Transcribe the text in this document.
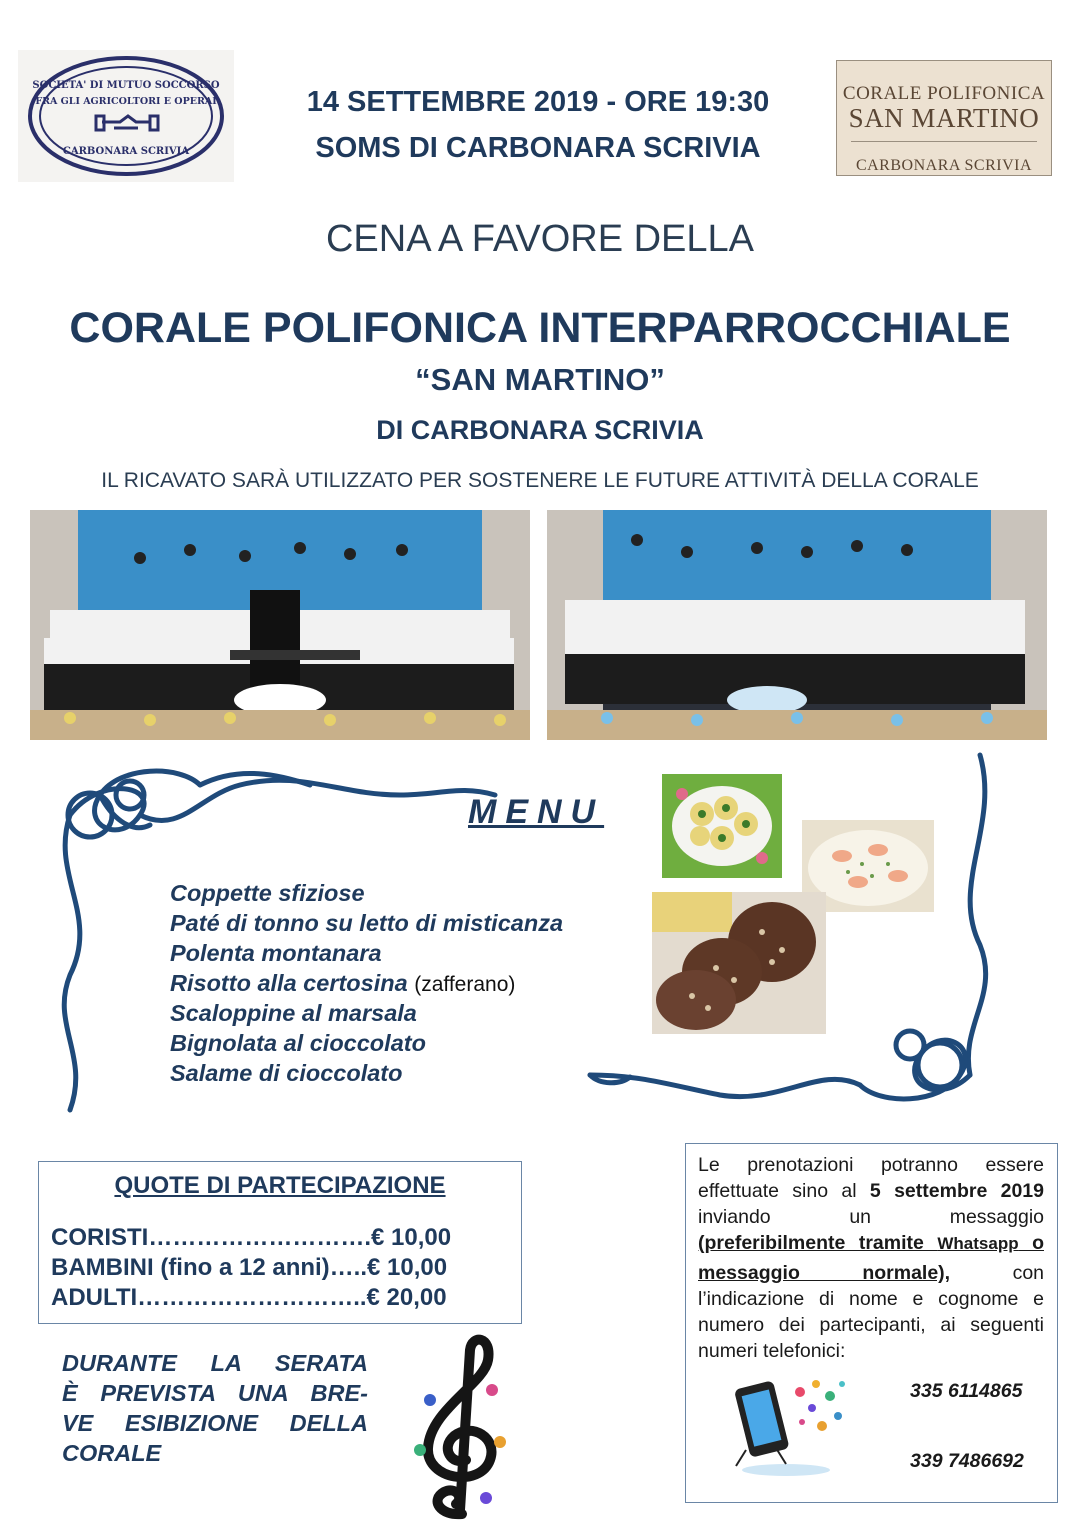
SOCIETA' DI MUTUO SOCCORSO
FRA GLI AGRICOLTORI E OPERAI
CARBONARA SCRIVIA
14 SETTEMBRE 2019 - ORE 19:30
SOMS DI CARBONARA SCRIVIA
CORALE POLIFONICA
SAN MARTINO
CARBONARA SCRIVIA
CENA A FAVORE DELLA
CORALE POLIFONICA INTERPARROCCHIALE
“SAN MARTINO”
DI CARBONARA SCRIVIA
IL RICAVATO SARÀ UTILIZZATO PER SOSTENERE LE FUTURE ATTIVITÀ DELLA CORALE
MENU
Coppette sfiziose
Paté di tonno su letto di misticanza
Polenta montanara
Risotto alla certosina (zafferano)
Scaloppine al marsala
Bignolata al cioccolato
Salame di cioccolato
QUOTE DI PARTECIPAZIONE
CORISTI……………………….€ 10,00
BAMBINI (fino a 12 anni)…..€ 10,00
ADULTI………………………..€ 20,00
DURANTE LA SERATA
È PREVISTA UNA BRE-
VE ESIBIZIONE DELLA
CORALE
Le prenotazioni potranno essere
effettuate sino al 5 settembre 2019
inviando un messaggio
(preferibilmente tramite Whatsapp o
messaggio normale), con
l’indicazione di nome e cognome e
numero dei partecipanti, ai seguenti
numeri telefonici:
335 6114865
339 7486692
